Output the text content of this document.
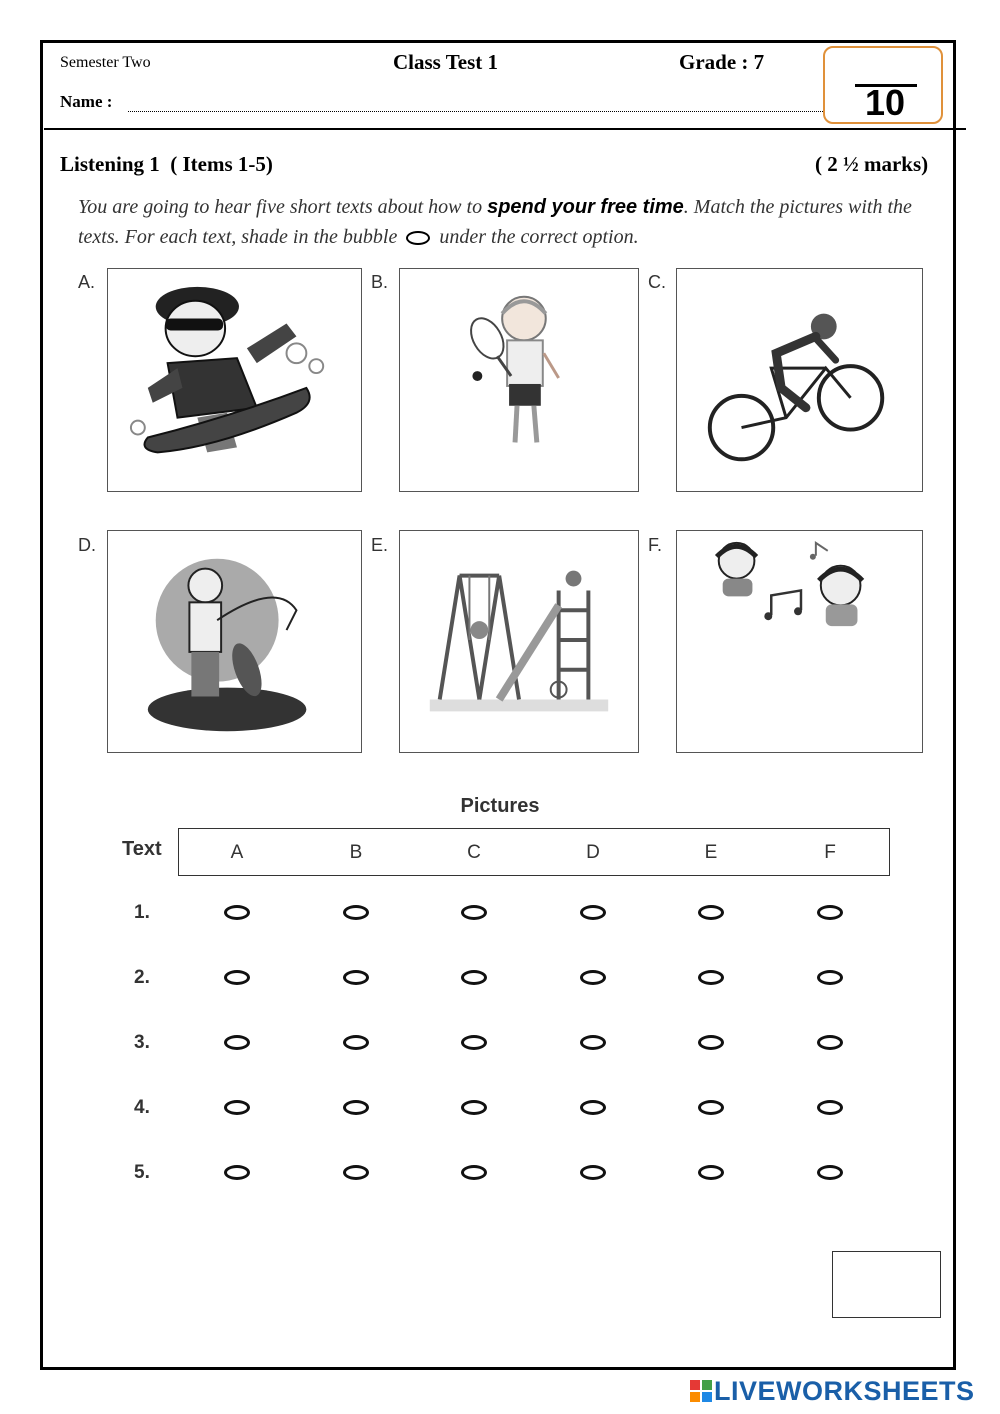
Semester Two	Class Test 1	Grade : 7
Name :	10
Listening 1  ( Items 1-5)	( 2 ½ marks)
You are going to hear five short texts about how to spend your free time. Match the pictures with the texts. For each text, shade in the bubble  under the correct option.
A.	B.	C.
D.	E.	F.
Pictures
Text	A	B	C	D	E	F
1.
2.
3.
4.
5.
LIVEWORKSHEETS
